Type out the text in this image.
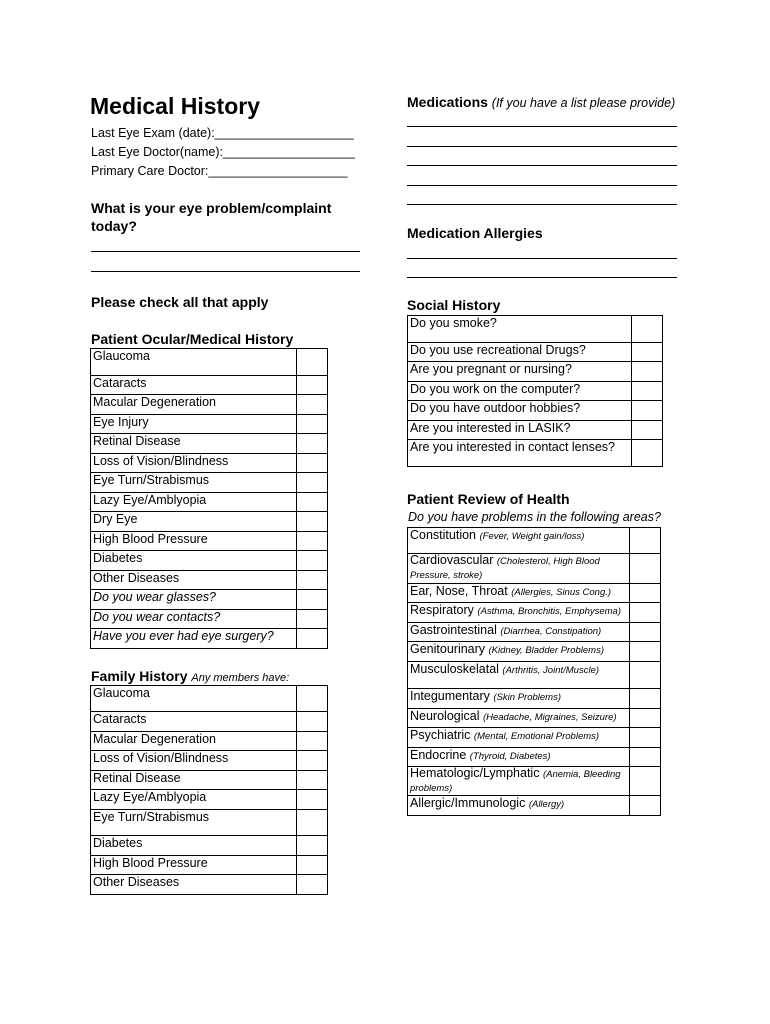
Medical History
Last Eye Exam (date):____________________
Last Eye Doctor(name):___________________
Primary Care Doctor:____________________
What is your eye problem/complaint
today?
Please check all that apply
Patient Ocular/Medical History
Glaucoma	
Cataracts	
Macular Degeneration	
Eye Injury	
Retinal Disease	
Loss of Vision/Blindness	
Eye Turn/Strabismus	
Lazy Eye/Amblyopia	
Dry Eye	
High Blood Pressure	
Diabetes	
Other Diseases	
Do you wear glasses?	
Do you wear contacts?	
Have you ever had eye surgery?	
Family History Any members have:
Glaucoma	
Cataracts	
Macular Degeneration	
Loss of Vision/Blindness	
Retinal Disease	
Lazy Eye/Amblyopia	
Eye Turn/Strabismus	
Diabetes	
High Blood Pressure	
Other Diseases	
Medications (If you have a list please provide)
Medication Allergies
Social History
Do you smoke?	
Do you use recreational Drugs?	
Are you pregnant or nursing?	
Do you work on the computer?	
Do you have outdoor hobbies?	
Are you interested in LASIK?	
Are you interested in contact lenses?	
Patient Review of Health
Do you have problems in the following areas?
Constitution (Fever, Weight gain/loss)	
Cardiovascular (Cholesterol, High Blood
Pressure, stroke)	
Ear, Nose, Throat (Allergies, Sinus Cong.)	
Respiratory (Asthma, Bronchitis, Emphysema)	
Gastrointestinal (Diarrhea, Constipation)	
Genitourinary (Kidney, Bladder Problems)	
Musculoskelatal (Arthritis, Joint/Muscle)	
Integumentary (Skin Problems)	
Neurological (Headache, Migraines, Seizure)	
Psychiatric (Mental, Emotional Problems)	
Endocrine (Thyroid, Diabetes)	
Hematologic/Lymphatic (Anemia, Bleeding
problems)	
Allergic/Immunologic (Allergy)	
